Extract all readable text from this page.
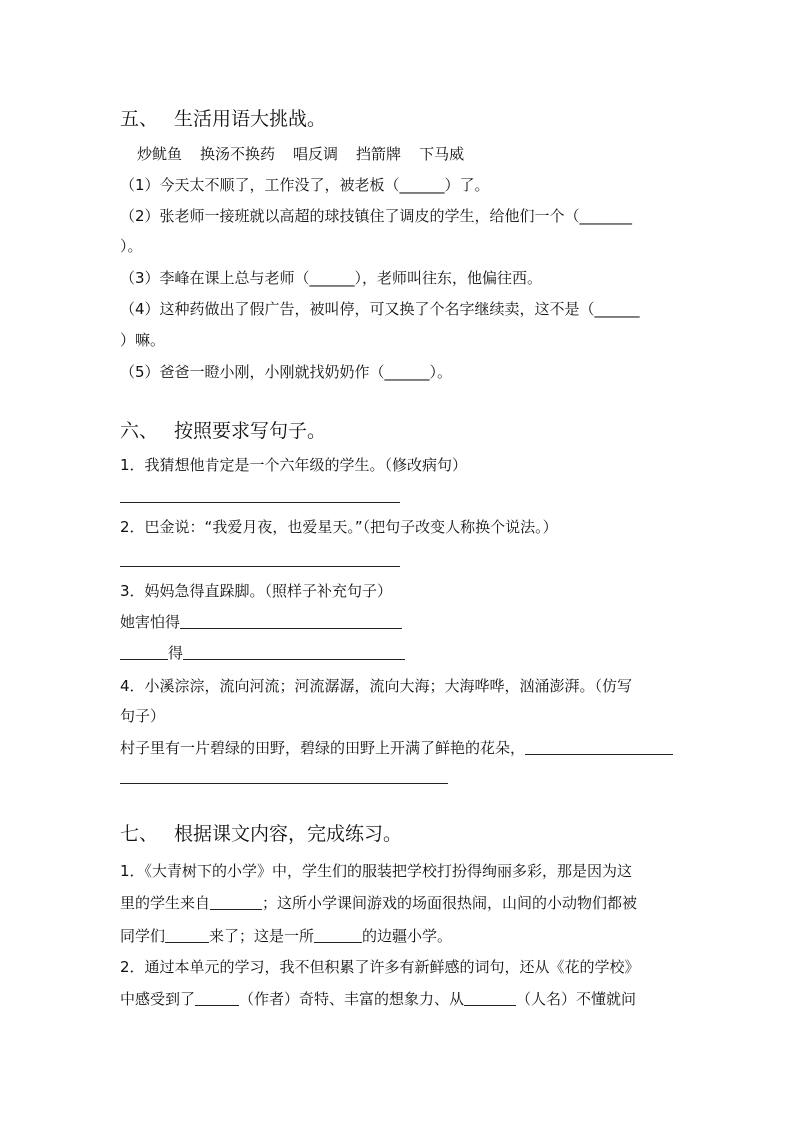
五、 生活用语大挑战。
炒鱿鱼 换汤不换药 唱反调 挡箭牌 下马威
（1）今天太不顺了，工作没了，被老板（______）了。
（2）张老师一接班就以高超的球技镇住了调皮的学生，给他们一个（_______
）。
（3）李峰在课上总与老师（______），老师叫往东，他偏往西。
（4）这种药做出了假广告，被叫停，可又换了个名字继续卖，这不是（______
）嘛。
（5）爸爸一瞪小刚，小刚就找奶奶作（______）。
六、 按照要求写句子。
1．我猜想他肯定是一个六年级的学生。（修改病句）
2．巴金说：“我爱月夜，也爱星天。”（把句子改变人称换个说法。）
3．妈妈急得直跺脚。（照样子补充句子）
她害怕得
得
4．小溪淙淙，流向河流；河流潺潺，流向大海；大海哗哗，汹涌澎湃。（仿写
句子）
村子里有一片碧绿的田野，碧绿的田野上开满了鲜艳的花朵，
七、 根据课文内容，完成练习。
1．《大青树下的小学》中，学生们的服装把学校打扮得绚丽多彩，那是因为这
里的学生来自	；这所小学课间游戏的场面很热闹，山间的小动物们都被
同学们	来了；这是一所	的边疆小学。
2．通过本单元的学习，我不但积累了许多有新鲜感的词句，还从《花的学校》
中感受到了	（作者）奇特、丰富的想象力、从	（人名）不懂就问
